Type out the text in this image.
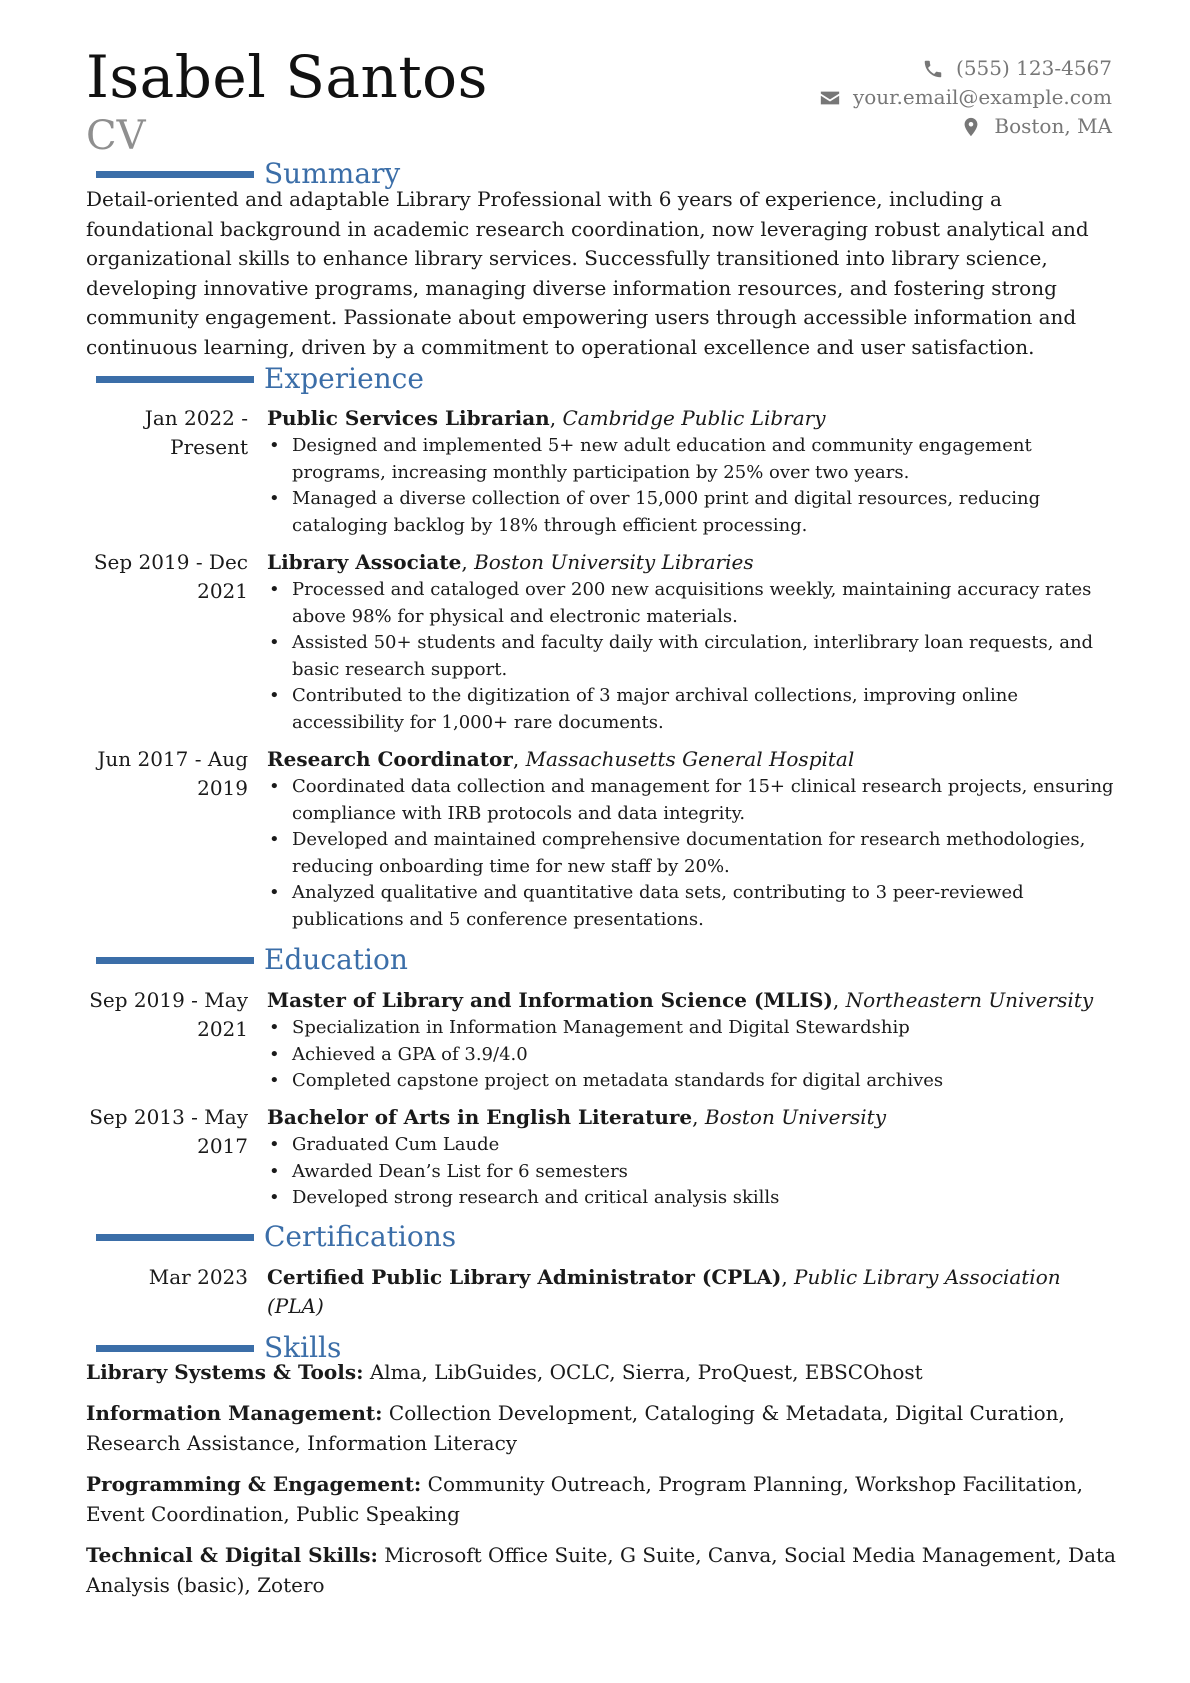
Isabel Santos
CV
(555) 123-4567
your.email@example.com
Boston, MA
Summary
Detail-oriented and adaptable Library Professional with 6 years of experience, including a foundational background in academic research coordination, now leveraging robust analytical and organizational skills to enhance library services. Successfully transitioned into library science, developing innovative programs, managing diverse information resources, and fostering strong community engagement. Passionate about empowering users through accessible information and continuous learning, driven by a commitment to operational excellence and user satisfaction.
Experience
Jan 2022 - Present
Public Services Librarian, Cambridge Public Library
• Designed and implemented 5+ new adult education and community engagement programs, increasing monthly participation by 25% over two years.
• Managed a diverse collection of over 15,000 print and digital resources, reducing cataloging backlog by 18% through efficient processing.
Sep 2019 - Dec 2021
Library Associate, Boston University Libraries
• Processed and cataloged over 200 new acquisitions weekly, maintaining accuracy rates above 98% for physical and electronic materials.
• Assisted 50+ students and faculty daily with circulation, interlibrary loan requests, and basic research support.
• Contributed to the digitization of 3 major archival collections, improving online accessibility for 1,000+ rare documents.
Jun 2017 - Aug 2019
Research Coordinator, Massachusetts General Hospital
• Coordinated data collection and management for 15+ clinical research projects, ensuring compliance with IRB protocols and data integrity.
• Developed and maintained comprehensive documentation for research methodologies, reducing onboarding time for new staff by 20%.
• Analyzed qualitative and quantitative data sets, contributing to 3 peer-reviewed publications and 5 conference presentations.
Education
Sep 2019 - May 2021
Master of Library and Information Science (MLIS), Northeastern University
• Specialization in Information Management and Digital Stewardship
• Achieved a GPA of 3.9/4.0
• Completed capstone project on metadata standards for digital archives
Sep 2013 - May 2017
Bachelor of Arts in English Literature, Boston University
• Graduated Cum Laude
• Awarded Dean’s List for 6 semesters
• Developed strong research and critical analysis skills
Certifications
Mar 2023 Certified Public Library Administrator (CPLA), Public Library Association (PLA)
Skills
Library Systems & Tools: Alma, LibGuides, OCLC, Sierra, ProQuest, EBSCOhost
Information Management: Collection Development, Cataloging & Metadata, Digital Curation, Research Assistance, Information Literacy
Programming & Engagement: Community Outreach, Program Planning, Workshop Facilitation, Event Coordination, Public Speaking
Technical & Digital Skills: Microsoft Office Suite, G Suite, Canva, Social Media Management, Data Analysis (basic), Zotero
